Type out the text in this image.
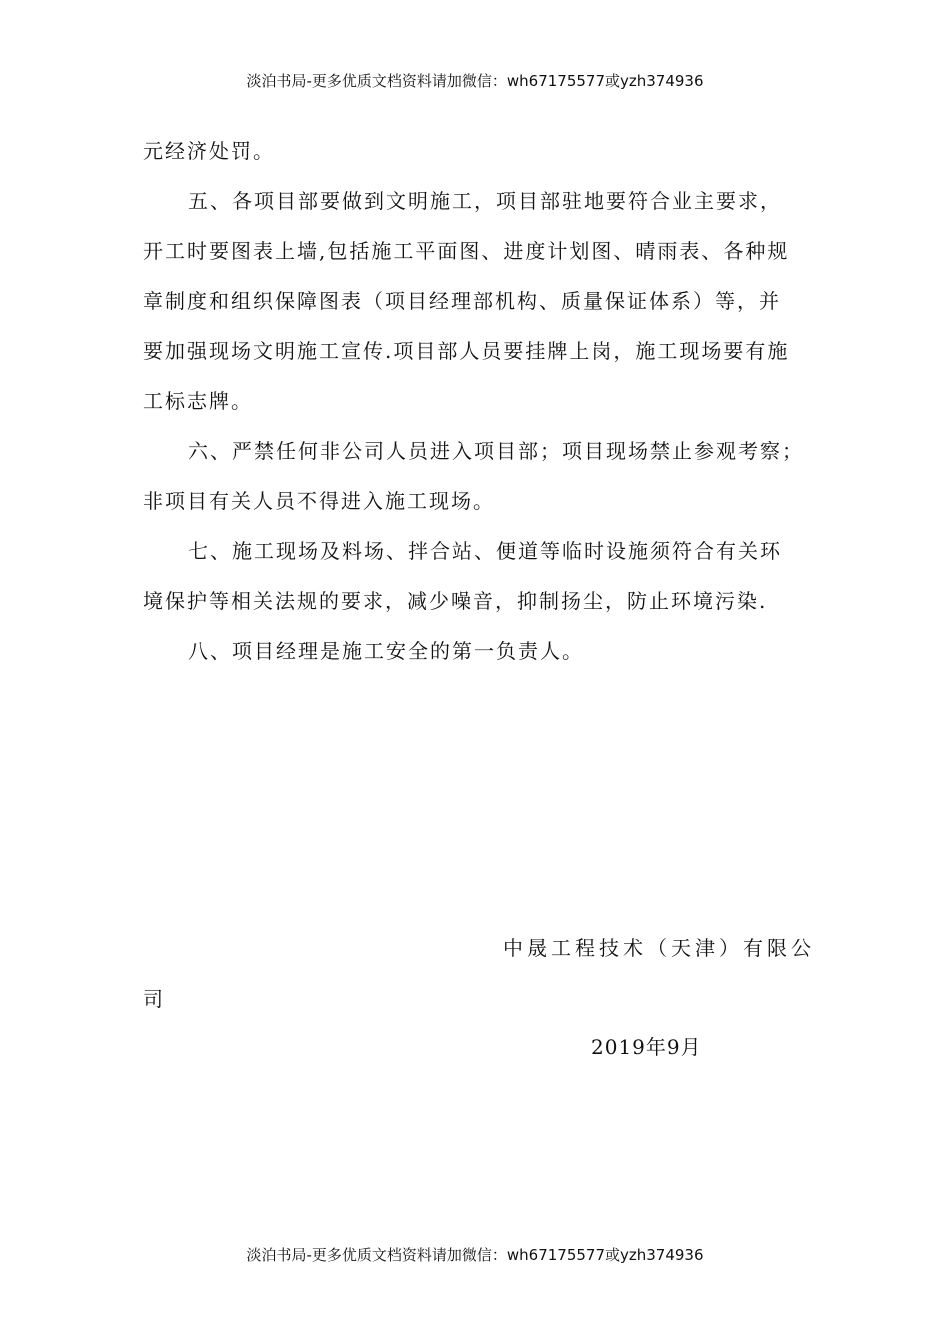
淡泊书局-更多优质文档资料请加微信：wh67175577或yzh374936
元经济处罚。
五、各项目部要做到文明施工，项目部驻地要符合业主要求，
开工时要图表上墙,包括施工平面图、进度计划图、晴雨表、各种规
章制度和组织保障图表（项目经理部机构、质量保证体系）等，并
要加强现场文明施工宣传.项目部人员要挂牌上岗，施工现场要有施
工标志牌。
六、严禁任何非公司人员进入项目部；项目现场禁止参观考察；
非项目有关人员不得进入施工现场。
七、施工现场及料场、拌合站、便道等临时设施须符合有关环
境保护等相关法规的要求，减少噪音，抑制扬尘，防止环境污染.
八、项目经理是施工安全的第一负责人。
中晟工程技术（天津）有限公
司
2019年9月
淡泊书局-更多优质文档资料请加微信：wh67175577或yzh374936
